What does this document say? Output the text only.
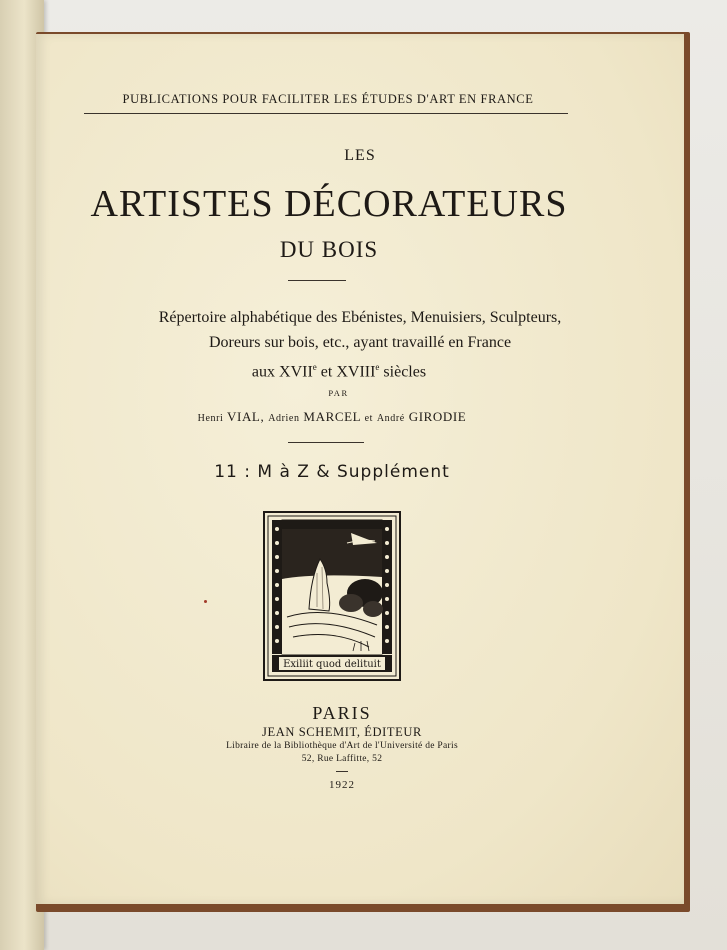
PUBLICATIONS POUR FACILITER LES ÉTUDES D'ART EN FRANCE
LES
ARTISTES DÉCORATEURS
DU BOIS
Répertoire alphabétique des Ebénistes, Menuisiers, Sculpteurs,
Doreurs sur bois, etc., ayant travaillé en France
aux XVIIe et XVIIIe siècles
PAR
Henri VIAL, Adrien MARCEL et André GIRODIE
11 : M à Z & Supplément
Exiliit quod delituit
PARIS
JEAN SCHEMIT, ÉDITEUR
Libraire de la Bibliothèque d'Art de l'Université de Paris
52, Rue Laffitte, 52
1922
